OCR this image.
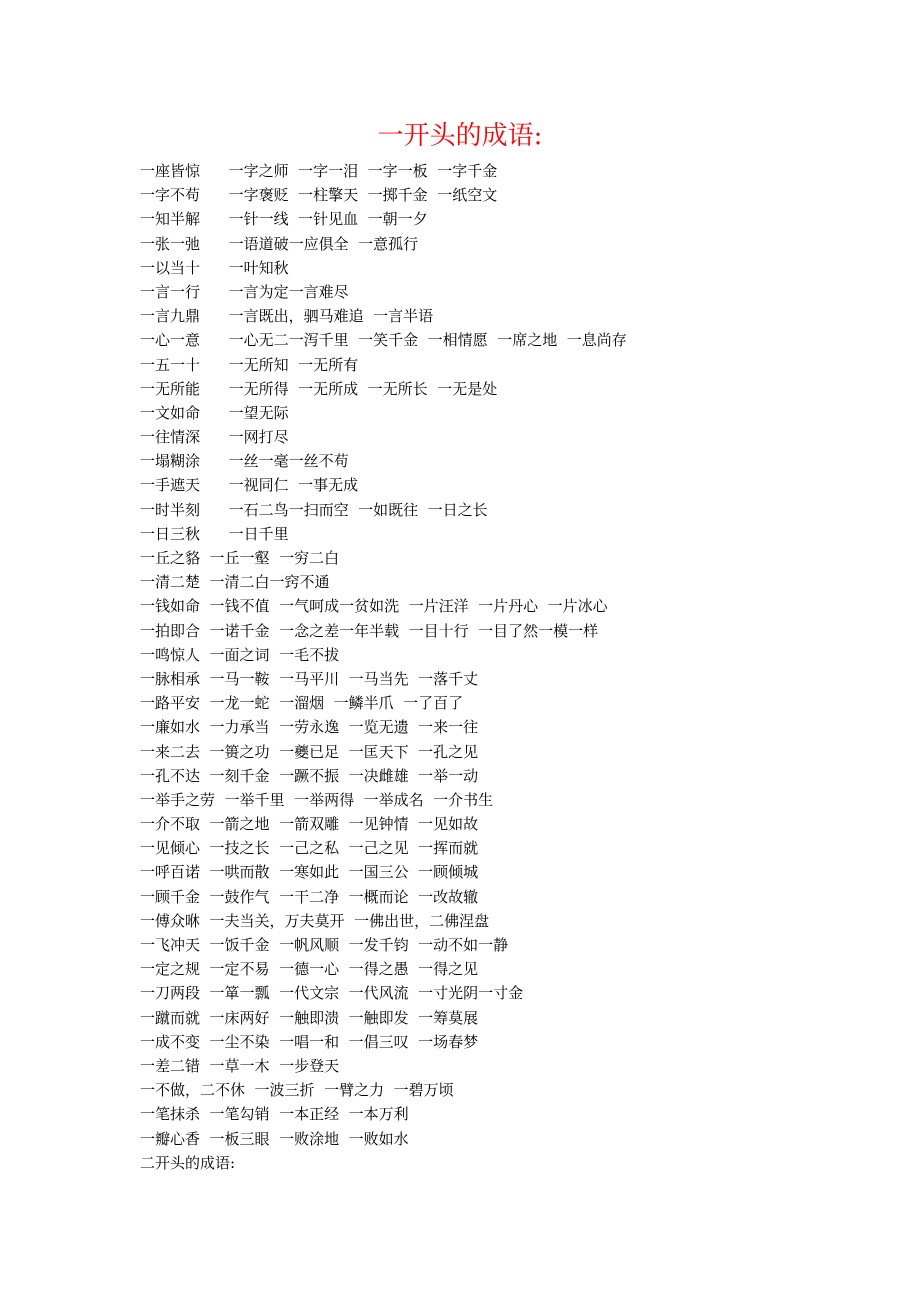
一开头的成语:
一座皆惊      一字之师  一字一泪  一字一板  一字千金
一字不苟      一字褒贬  一柱擎天  一掷千金  一纸空文
一知半解      一针一线  一针见血  一朝一夕
一张一弛      一语道破一应俱全  一意孤行
一以当十      一叶知秋
一言一行      一言为定一言难尽
一言九鼎      一言既出，驷马难追  一言半语
一心一意      一心无二一泻千里  一笑千金  一相情愿  一席之地  一息尚存
一五一十      一无所知  一无所有
一无所能      一无所得  一无所成  一无所长  一无是处
一文如命      一望无际
一往情深      一网打尽
一塌糊涂      一丝一毫一丝不苟
一手遮天      一视同仁  一事无成
一时半刻      一石二鸟一扫而空  一如既往  一日之长
一日三秋      一日千里
一丘之貉  一丘一壑  一穷二白
一清二楚  一清二白一窍不通
一钱如命  一钱不值  一气呵成一贫如洗  一片汪洋  一片丹心  一片冰心
一拍即合  一诺千金  一念之差一年半载  一目十行  一目了然一模一样
一鸣惊人  一面之词  一毛不拔
一脉相承  一马一鞍  一马平川  一马当先  一落千丈
一路平安  一龙一蛇  一溜烟  一鳞半爪  一了百了
一廉如水  一力承当  一劳永逸  一览无遗  一来一往
一来二去  一篑之功  一夔已足  一匡天下  一孔之见
一孔不达  一刻千金  一蹶不振  一决雌雄  一举一动
一举手之劳  一举千里  一举两得  一举成名  一介书生
一介不取  一箭之地  一箭双雕  一见钟情  一见如故
一见倾心  一技之长  一己之私  一己之见  一挥而就
一呼百诺  一哄而散  一寒如此  一国三公  一顾倾城
一顾千金  一鼓作气  一干二净  一概而论  一改故辙
一傅众咻  一夫当关，万夫莫开  一佛出世，二佛涅盘
一飞冲天  一饭千金  一帆风顺  一发千钧  一动不如一静
一定之规  一定不易  一德一心  一得之愚  一得之见
一刀两段  一箪一瓢  一代文宗  一代风流  一寸光阴一寸金
一蹴而就  一床两好  一触即溃  一触即发  一筹莫展
一成不变  一尘不染  一唱一和  一倡三叹  一场春梦
一差二错  一草一木  一步登天
一不做，二不休  一波三折  一臂之力  一碧万顷
一笔抹杀  一笔勾销  一本正经  一本万利
一瓣心香  一板三眼  一败涂地  一败如水
二开头的成语:
